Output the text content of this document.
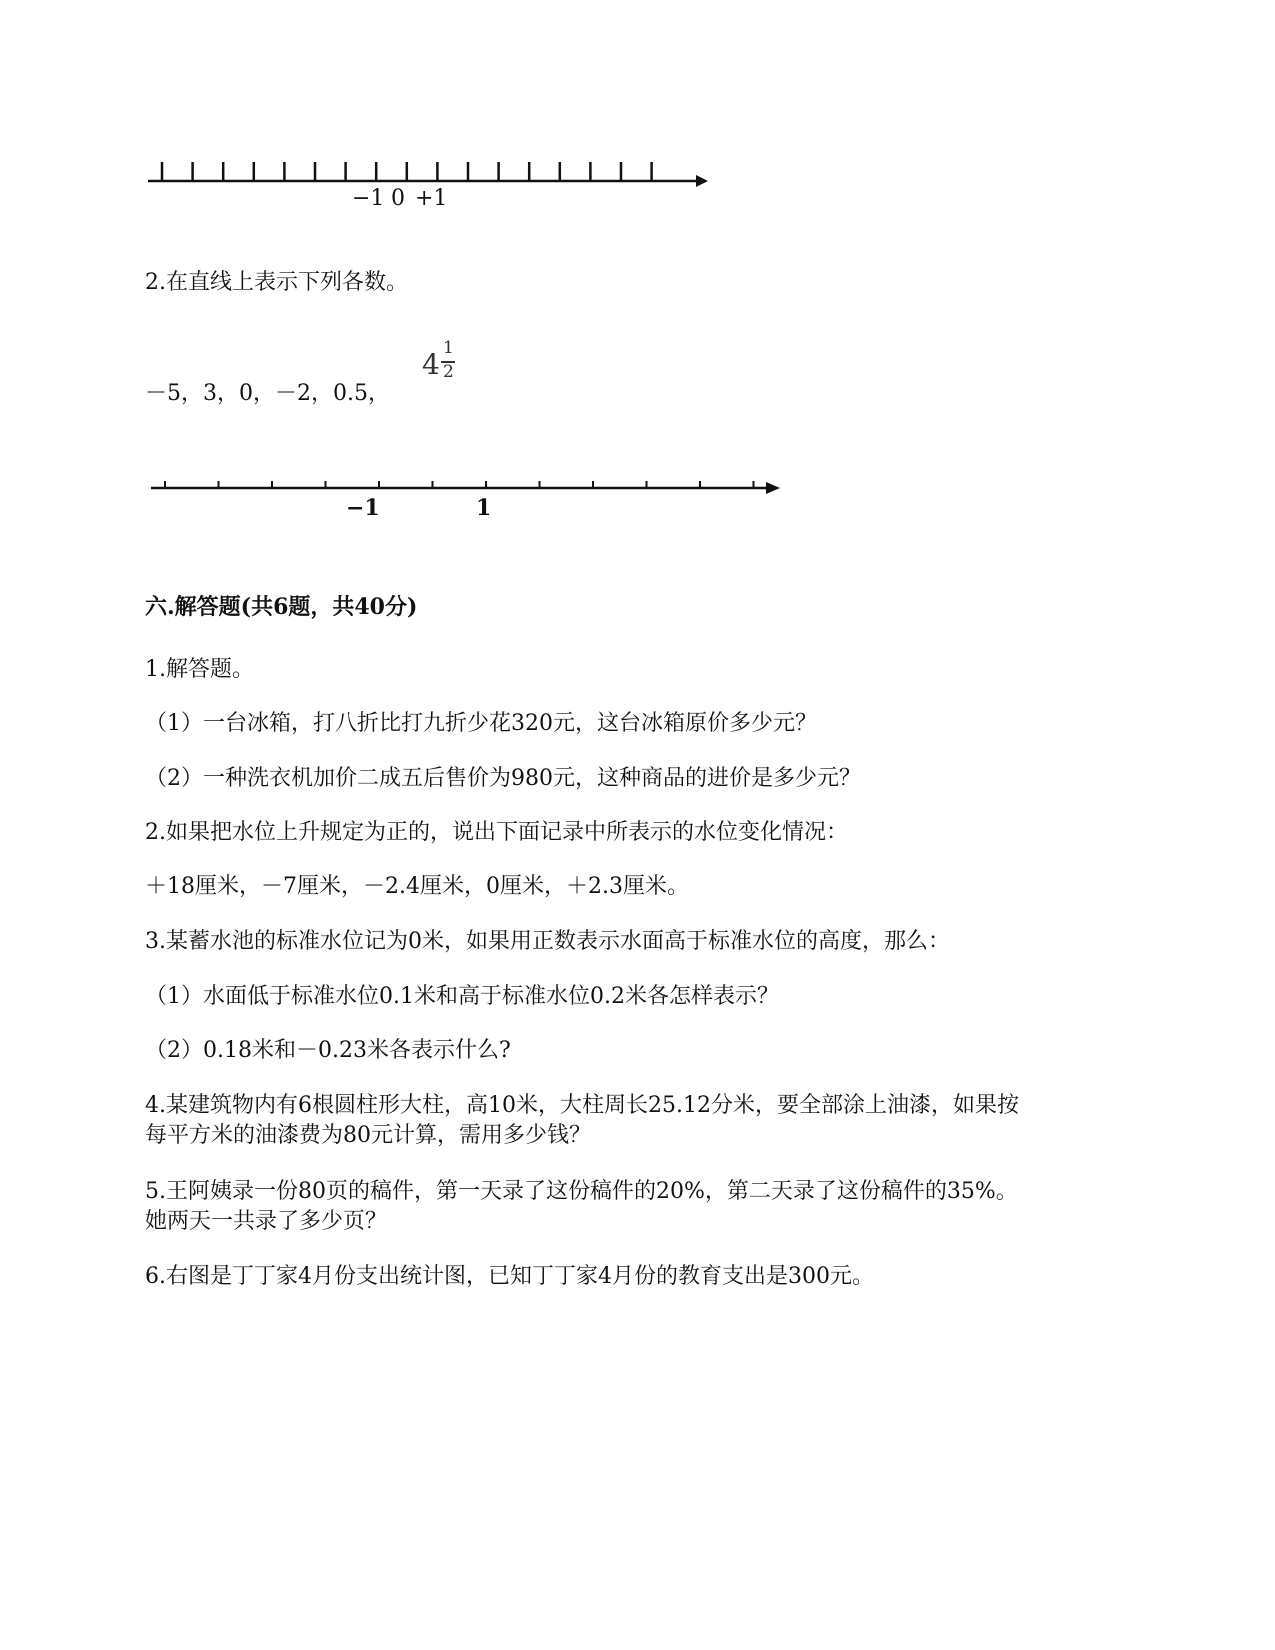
−1 0 +1
2.在直线上表示下列各数。
4 1
2
－5，3，0，－2，0.5，
−1	1
六.解答题(共6题，共40分)
1.解答题。
（1）一台冰箱，打八折比打九折少花320元，这台冰箱原价多少元？
（2）一种洗衣机加价二成五后售价为980元，这种商品的进价是多少元？
2.如果把水位上升规定为正的，说出下面记录中所表示的水位变化情况：
＋18厘米，－7厘米，－2.4厘米，0厘米，＋2.3厘米。
3.某蓄水池的标准水位记为0米，如果用正数表示水面高于标准水位的高度，那么：
（1）水面低于标准水位0.1米和高于标准水位0.2米各怎样表示？
（2）0.18米和－0.23米各表示什么?
4.某建筑物内有6根圆柱形大柱，高10米，大柱周长25.12分米，要全部涂上油漆，如果按
每平方米的油漆费为80元计算，需用多少钱？
5.王阿姨录一份80页的稿件，第一天录了这份稿件的20%，第二天录了这份稿件的35%。
她两天一共录了多少页？
6.右图是丁丁家4月份支出统计图，已知丁丁家4月份的教育支出是300元。
